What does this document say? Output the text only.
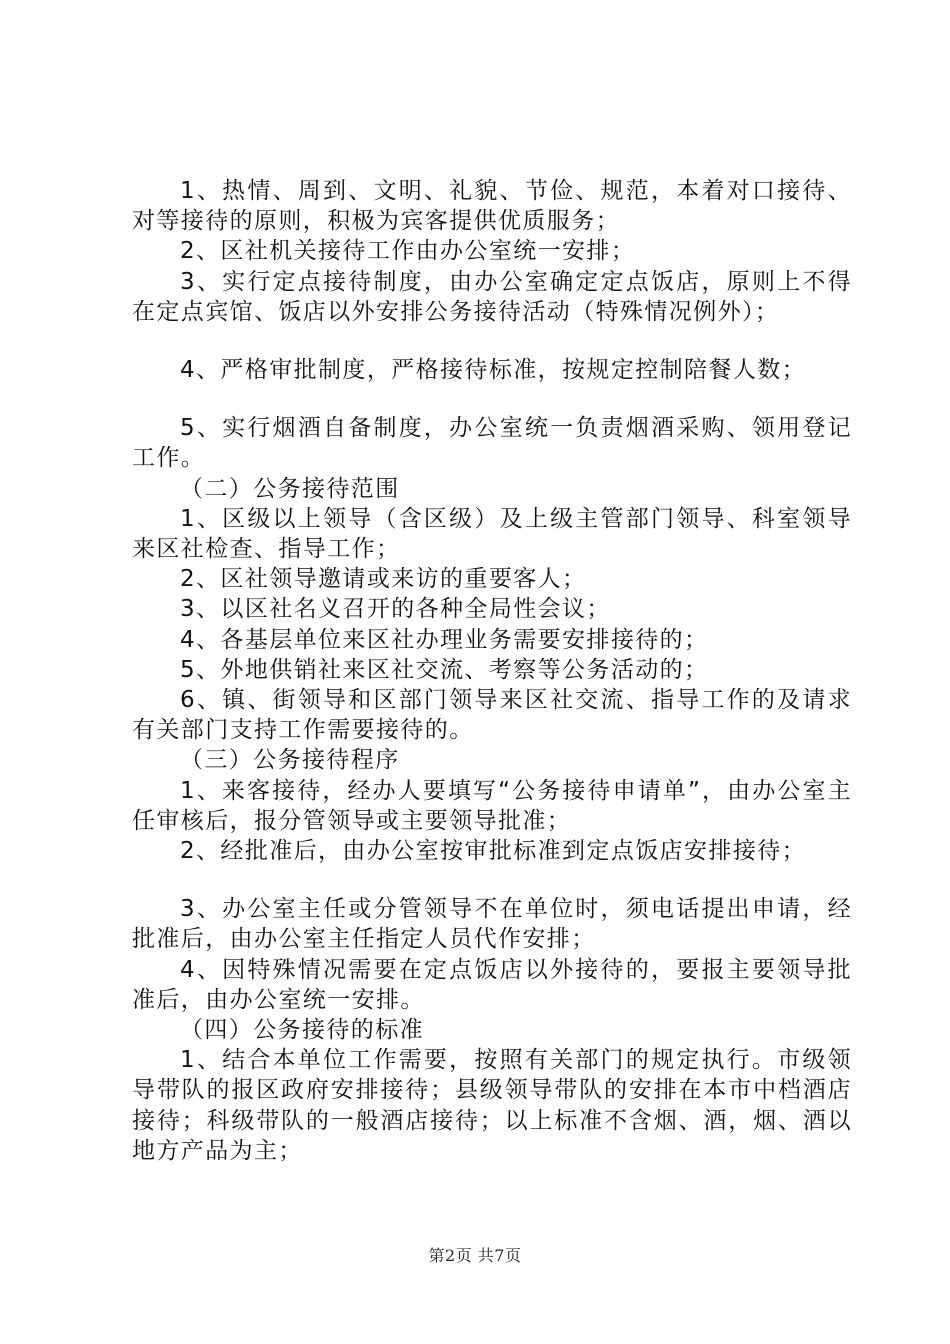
1、热情、周到、文明、礼貌、节俭、规范，本着对口接待、对等接待的原则，积极为宾客提供优质服务；

2、区社机关接待工作由办公室统一安排；

3、实行定点接待制度，由办公室确定定点饭店，原则上不得在定点宾馆、饭店以外安排公务接待活动（特殊情况例外）；

4、严格审批制度，严格接待标准，按规定控制陪餐人数；

5、实行烟酒自备制度，办公室统一负责烟酒采购、领用登记工作。

（二）公务接待范围

1、区级以上领导（含区级）及上级主管部门领导、科室领导来区社检查、指导工作；

2、区社领导邀请或来访的重要客人；

3、以区社名义召开的各种全局性会议；

4、各基层单位来区社办理业务需要安排接待的；

5、外地供销社来区社交流、考察等公务活动的；

6、镇、街领导和区部门领导来区社交流、指导工作的及请求有关部门支持工作需要接待的。

（三）公务接待程序

1、来客接待，经办人要填写“公务接待申请单”，由办公室主任审核后，报分管领导或主要领导批准；

2、经批准后，由办公室按审批标准到定点饭店安排接待；

3、办公室主任或分管领导不在单位时，须电话提出申请，经批准后，由办公室主任指定人员代作安排；

4、因特殊情况需要在定点饭店以外接待的，要报主要领导批准后，由办公室统一安排。

（四）公务接待的标准

1、结合本单位工作需要，按照有关部门的规定执行。市级领导带队的报区政府安排接待；县级领导带队的安排在本市中档酒店接待；科级带队的一般酒店接待；以上标准不含烟、酒，烟、酒以地方产品为主；

第2页 共7页
